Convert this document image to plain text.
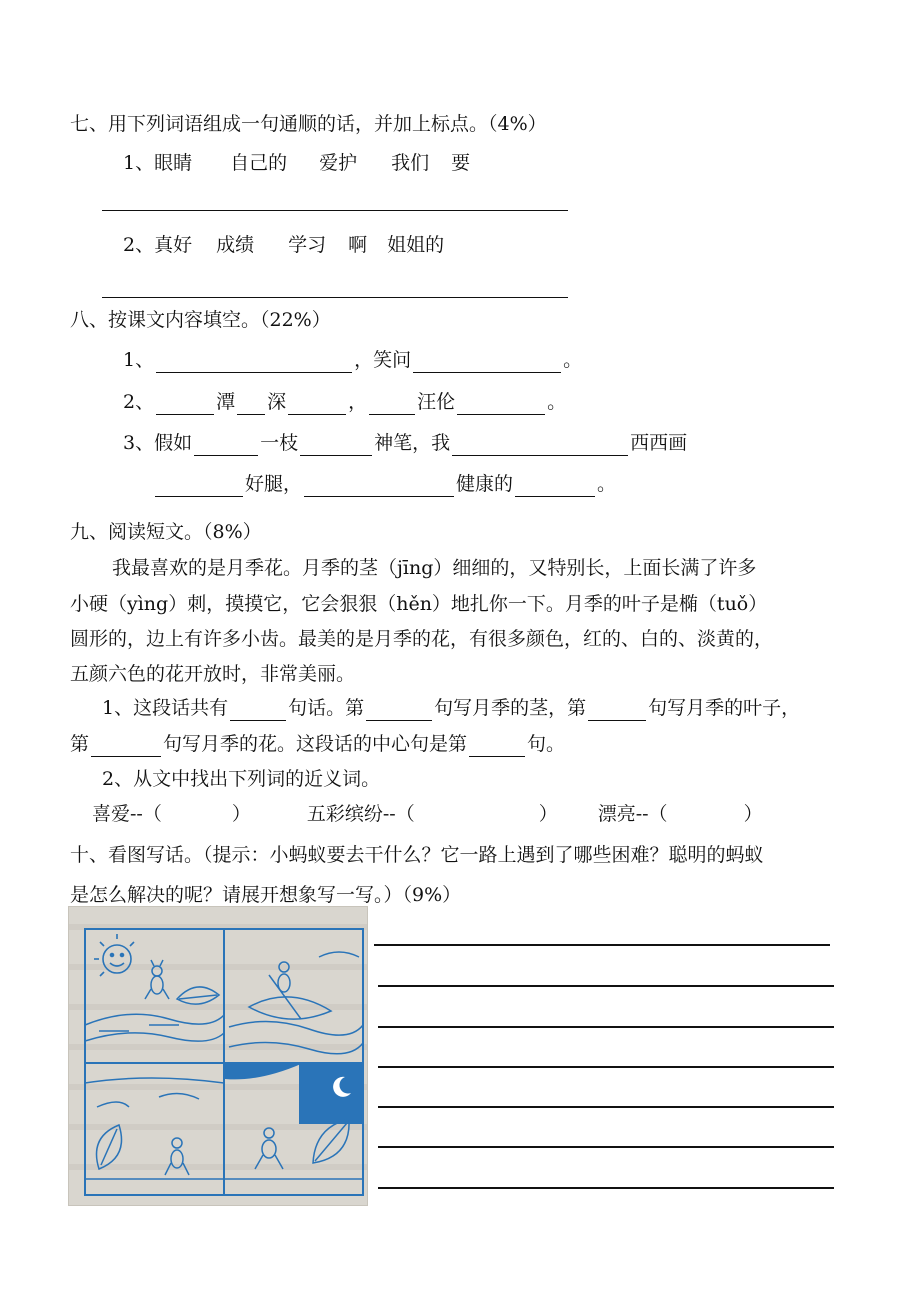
七、用下列词语组成一句通顺的话，并加上标点。（4%）
1、眼睛 自己的 爱护 我们 要
2、真好 成绩 学习 啊 姐姐的
八、按课文内容填空。（22%）
1、	，笑问	。
2、	潭 深	，	汪伦	。
3、假如	一枝	神笔，我	西西画
好腿，	健康的	。
九、阅读短文。（8%）
我最喜欢的是月季花。月季的茎（jīng）细细的，又特别长，上面长满了许多
小硬（yìng）刺，摸摸它，它会狠狠（hěn）地扎你一下。月季的叶子是椭（tuǒ）
圆形的，边上有许多小齿。最美的是月季的花，有很多颜色，红的、白的、淡黄的，
五颜六色的花开放时，非常美丽。
1、这段话共有	句话。第	句写月季的茎，第	句写月季的叶子，
第	句写月季的花。这段话的中心句是第	句。
2、从文中找出下列词的近义词。
喜爱--（	）	五彩缤纷--（	） 漂亮--（	）
十、看图写话。（提示：小蚂蚁要去干什么？它一路上遇到了哪些困难？聪明的蚂蚁
是怎么解决的呢？请展开想象写一写。）（9%）
